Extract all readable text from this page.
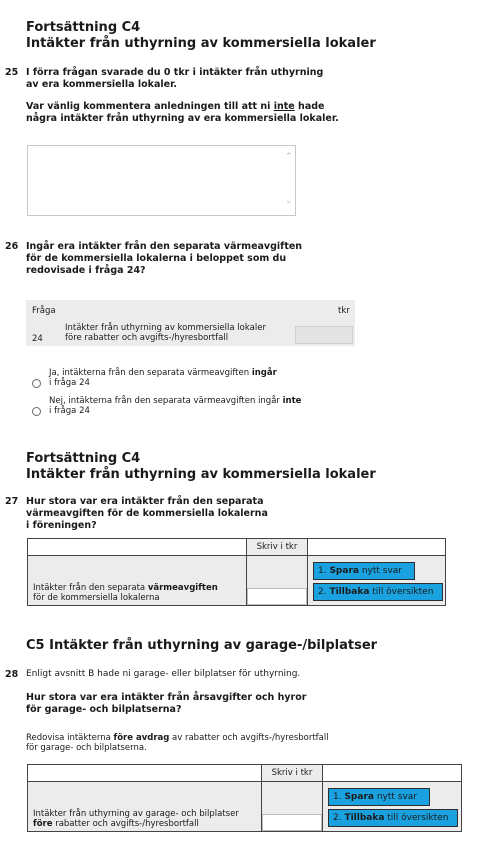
Fortsättning C4
Intäkter från uthyrning av kommersiella lokaler
25 I förra frågan svarade du 0 tkr i intäkter från uthyrning
av era kommersiella lokaler.
Var vänlig kommentera anledningen till att ni inte hade
några intäkter från uthyrning av era kommersiella lokaler.
⌃
⌄
26 Ingår era intäkter från den separata värmeavgiften
för de kommersiella lokalerna i beloppet som du
redovisade i fråga 24?
Fråga	tkr
24
Intäkter från uthyrning av kommersiella lokaler
före rabatter och avgifts-/hyresbortfall
Ja, intäkterna från den separata värmeavgiften ingår
i fråga 24
Nej, intäkterna från den separata värmeavgiften ingår inte
i fråga 24
Fortsättning C4
Intäkter från uthyrning av kommersiella lokaler
27 Hur stora var era intäkter från den separata
värmeavgiften för de kommersiella lokalerna
i föreningen?
	Skriv i tkr	

Intäkter från den separata värmeavgiften
för de kommersiella lokalerna

1. Spara nytt svar
2. Tillbaka till översikten
C5 Intäkter från uthyrning av garage-/bilplatser
28 Enligt avsnitt B hade ni garage- eller bilplatser för uthyrning.
Hur stora var era intäkter från årsavgifter och hyror
för garage- och bilplatserna?
Redovisa intäkterna före avdrag av rabatter och avgifts-/hyresbortfall
för garage- och bilplatserna.
	Skriv i tkr	

Intäkter från uthyrning av garage- och bilplatser
före rabatter och avgifts-/hyresbortfall

1. Spara nytt svar
2. Tillbaka till översikten
